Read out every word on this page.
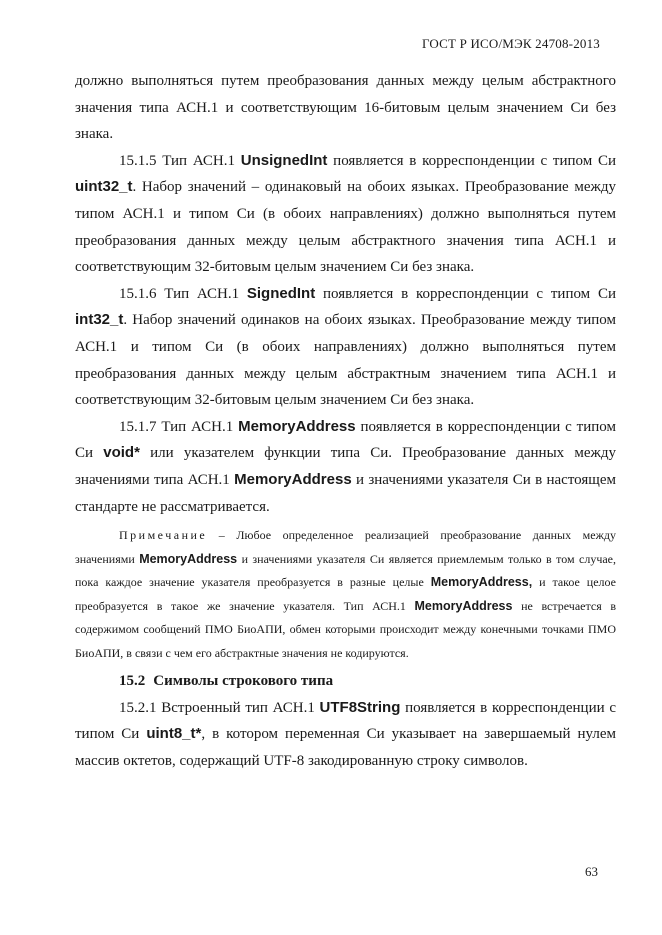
ГОСТ Р ИСО/МЭК 24708-2013

должно выполняться путем преобразования данных между целым абстрактного значения типа АСН.1 и соответствующим 16-битовым целым значением Си без знака.

15.1.5 Тип АСН.1 UnsignedInt появляется в корреспонденции с типом Си uint32_t. Набор значений – одинаковый на обоих языках. Преобразование между типом АСН.1 и типом Си (в обоих направлениях) должно выполняться путем преобразования данных между целым абстрактного значения типа АСН.1 и соответствующим 32-битовым целым значением Си без знака.

15.1.6 Тип АСН.1 SignedInt появляется в корреспонденции с типом Си int32_t. Набор значений одинаков на обоих языках. Преобразование между типом АСН.1 и типом Си (в обоих направлениях) должно выполняться путем преобразования данных между целым абстрактным значением типа АСН.1 и соответствующим 32-битовым целым значением Си без знака.

15.1.7 Тип АСН.1 MemoryAddress появляется в корреспонденции с типом Си void* или указателем функции типа Си. Преобразование данных между значениями типа АСН.1 MemoryAddress и значениями указателя Си в настоящем стандарте не рассматривается.

Примечание – Любое определенное реализацией преобразование данных между значениями MemoryAddress и значениями указателя Си является приемлемым только в том случае, пока каждое значение указателя преобразуется в разные целые MemoryAddress, и такое целое преобразуется в такое же значение указателя. Тип АСН.1 MemoryAddress не встречается в содержимом сообщений ПМО БиоАПИ, обмен которыми происходит между конечными точками ПМО БиоАПИ, в связи с чем его абстрактные значения не кодируются.

15.2 Символы строкового типа

15.2.1 Встроенный тип АСН.1 UTF8String появляется в корреспонденции с типом Си uint8_t*, в котором переменная Си указывает на завершаемый нулем массив октетов, содержащий UTF-8 закодированную строку символов.

63
